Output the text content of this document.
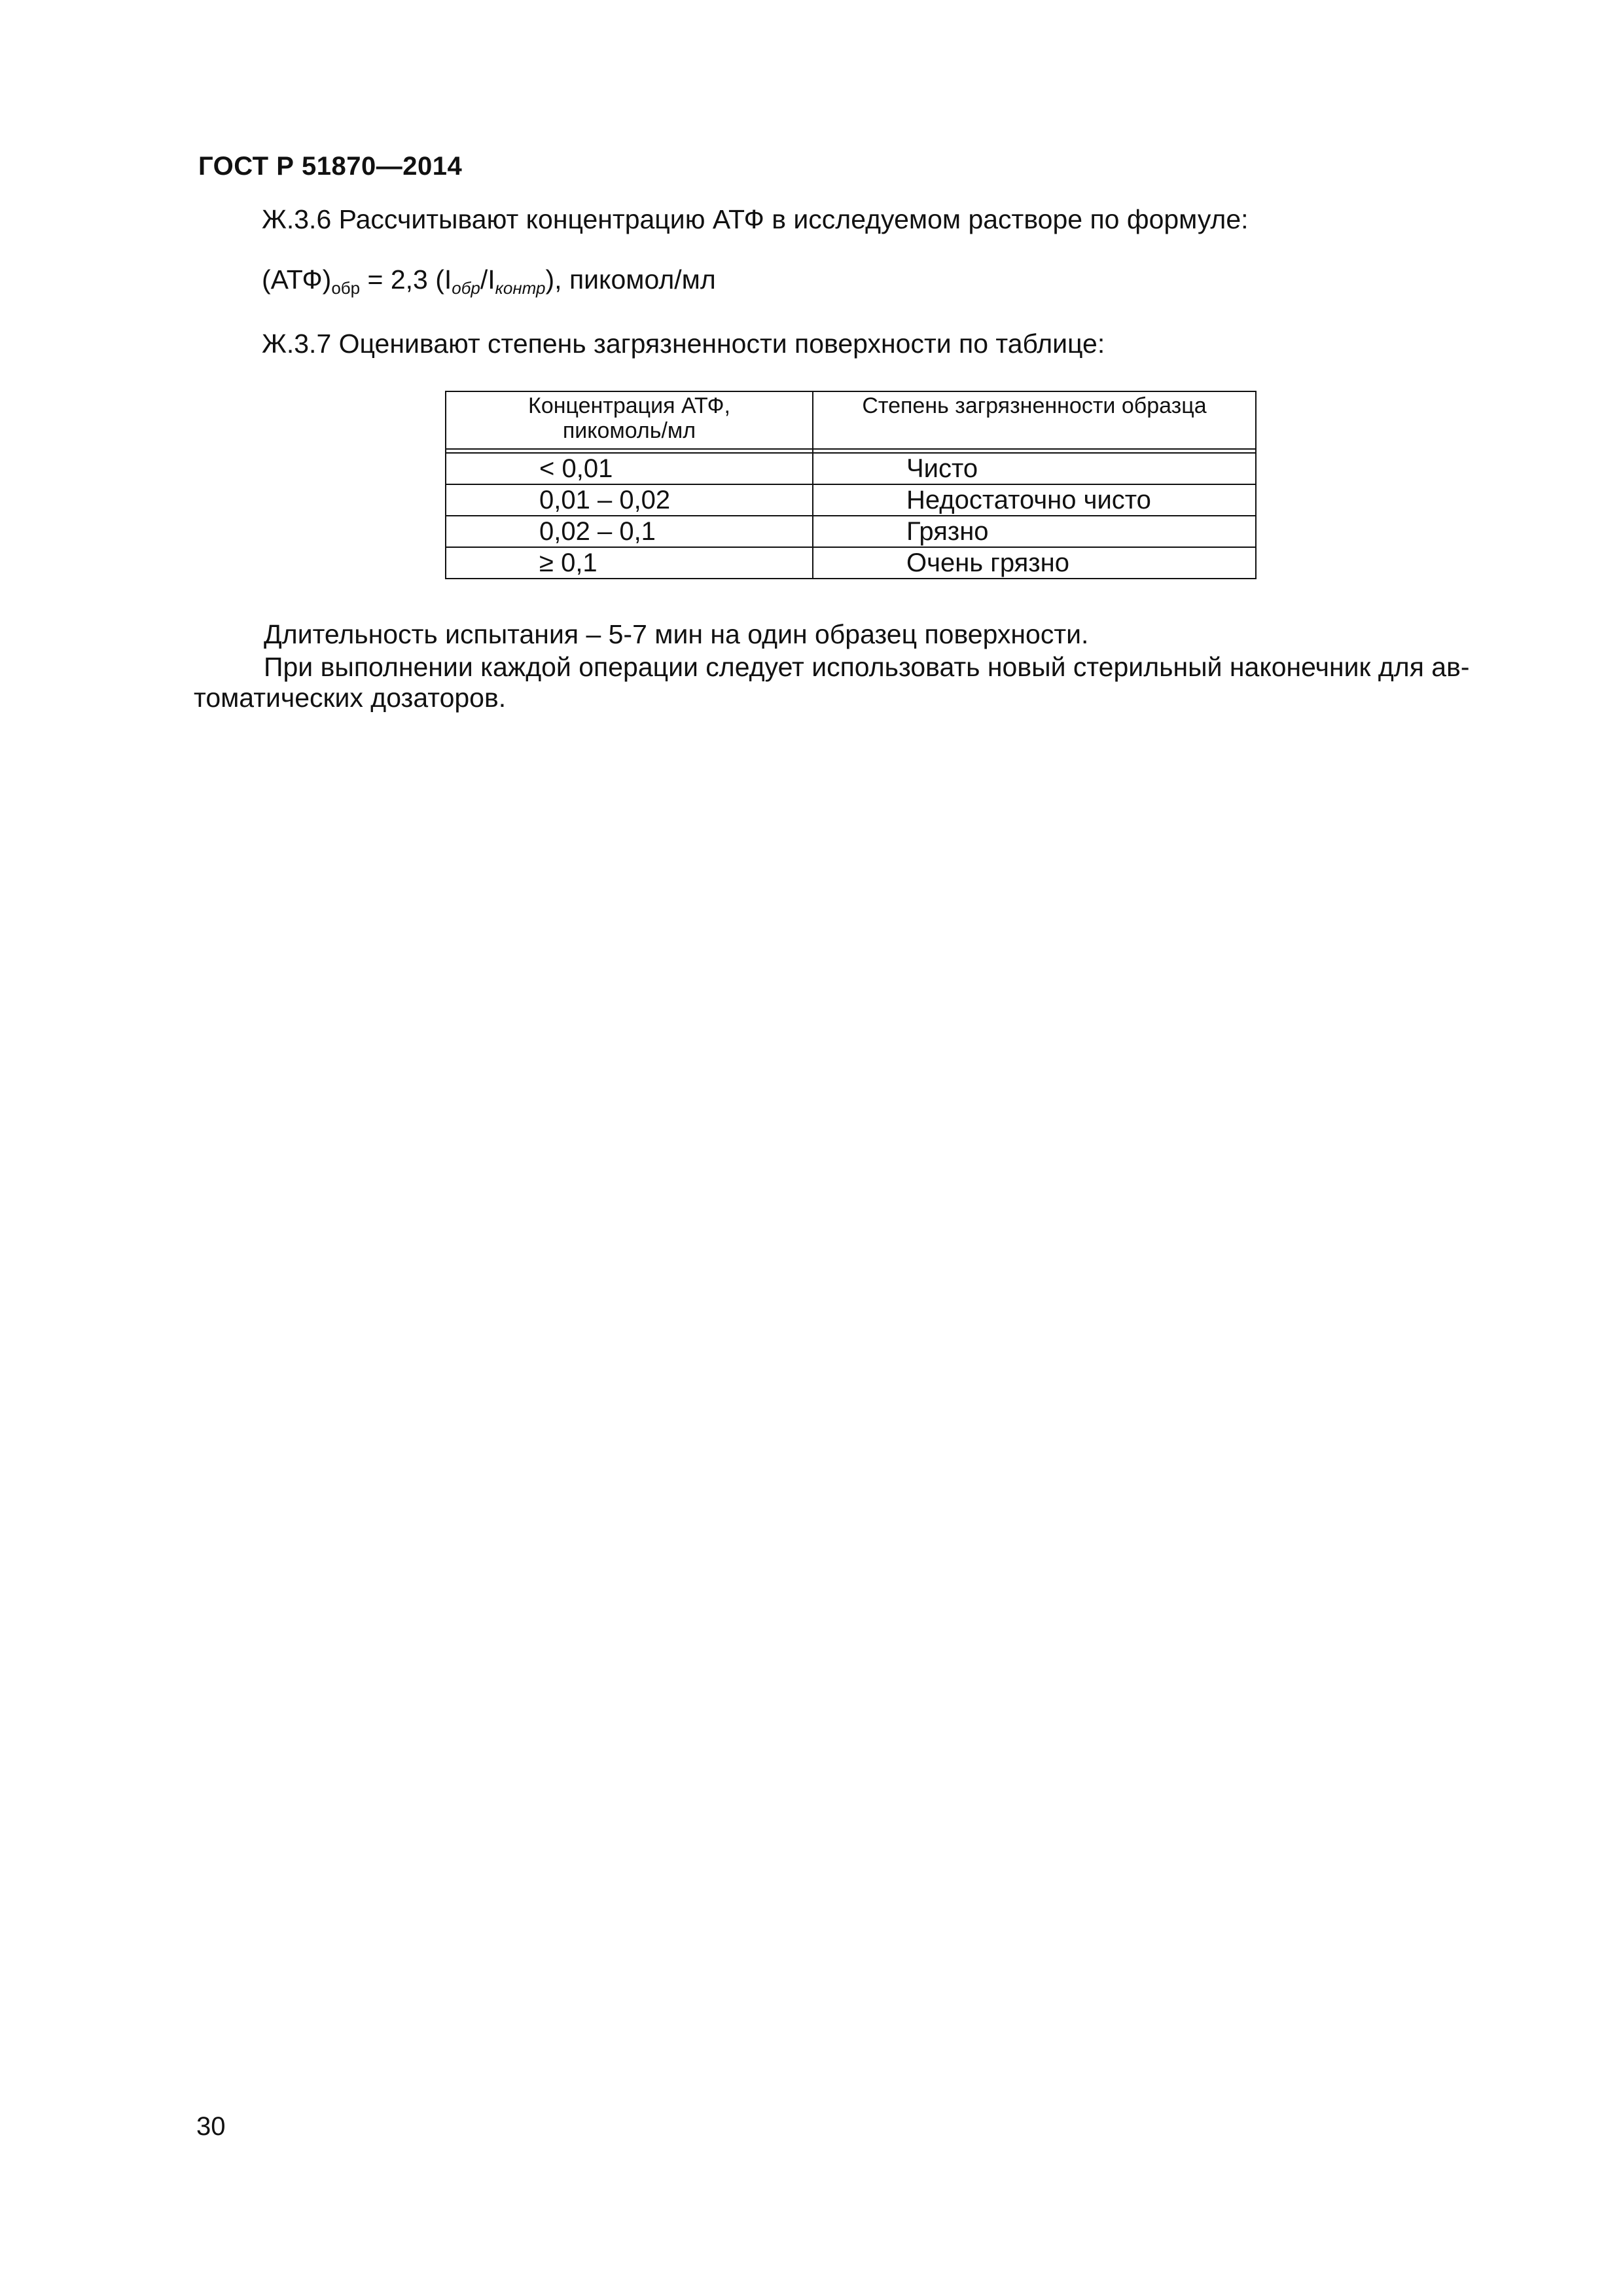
ГОСТ Р 51870—2014
Ж.3.6 Рассчитывают концентрацию АТФ в исследуемом растворе по формуле:
$(АТФ)_{обр} = 2,3$ $(I_{обр}/I_{контр})$, пикомол/мл
Ж.3.7 Оценивают степень загрязненности поверхности по таблице:
Концентрация АТФ,
пикомоль/мл	Степень загрязненности образца

< 0,01	Чисто
0,01 – 0,02	Недостаточно чисто
0,02 – 0,1	Грязно
≥ 0,1	Очень грязно
Длительность испытания – 5-7 мин на один образец поверхности.
При выполнении каждой операции следует использовать новый стерильный наконечник для ав-
томатических дозаторов.
30
